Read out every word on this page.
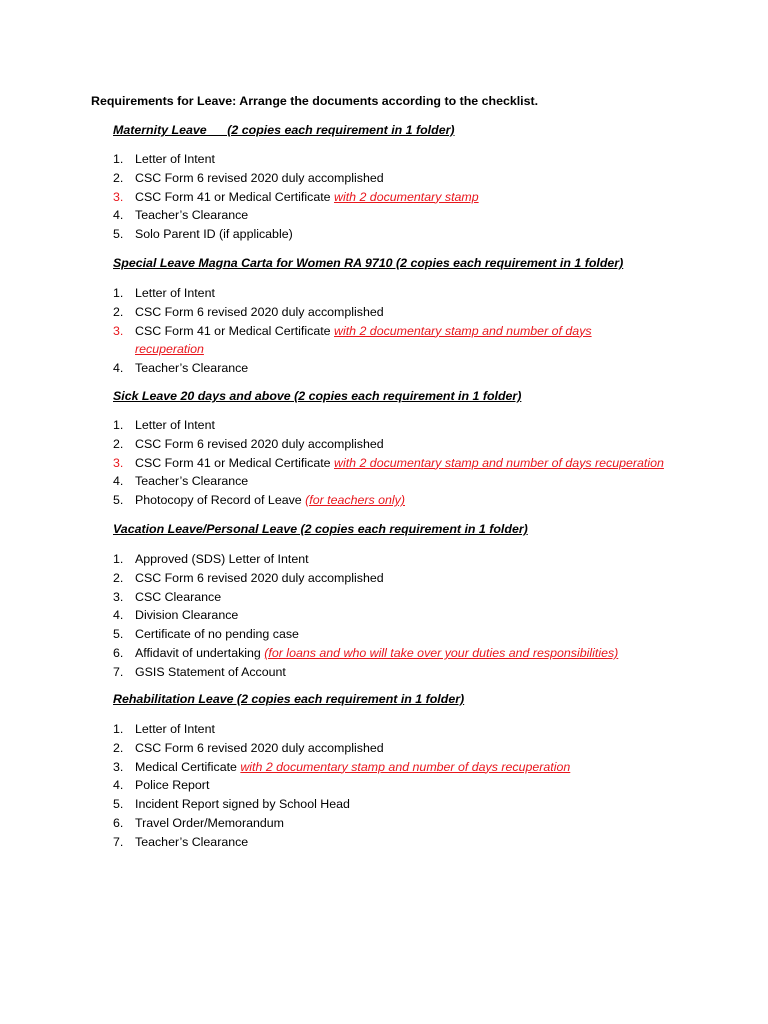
Requirements for Leave: Arrange the documents according to the checklist.
Maternity Leave      (2 copies each requirement in 1 folder)
1. Letter of Intent
2. CSC Form 6 revised 2020 duly accomplished
3. CSC Form 41 or Medical Certificate with 2 documentary stamp
4. Teacher’s Clearance
5. Solo Parent ID (if applicable)
Special Leave Magna Carta for Women RA 9710 (2 copies each requirement in 1 folder)
1. Letter of Intent
2. CSC Form 6 revised 2020 duly accomplished
3. CSC Form 41 or Medical Certificate with 2 documentary stamp and number of days
recuperation
4. Teacher’s Clearance
Sick Leave 20 days and above (2 copies each requirement in 1 folder)
1. Letter of Intent
2. CSC Form 6 revised 2020 duly accomplished
3. CSC Form 41 or Medical Certificate with 2 documentary stamp and number of days recuperation
4. Teacher’s Clearance
5. Photocopy of Record of Leave (for teachers only)
Vacation Leave/Personal Leave (2 copies each requirement in 1 folder)
1. Approved (SDS) Letter of Intent
2. CSC Form 6 revised 2020 duly accomplished
3. CSC Clearance
4. Division Clearance
5. Certificate of no pending case
6. Affidavit of undertaking (for loans and who will take over your duties and responsibilities)
7. GSIS Statement of Account
Rehabilitation Leave (2 copies each requirement in 1 folder)
1. Letter of Intent
2. CSC Form 6 revised 2020 duly accomplished
3. Medical Certificate with 2 documentary stamp and number of days recuperation
4. Police Report
5. Incident Report signed by School Head
6. Travel Order/Memorandum
7. Teacher’s Clearance
